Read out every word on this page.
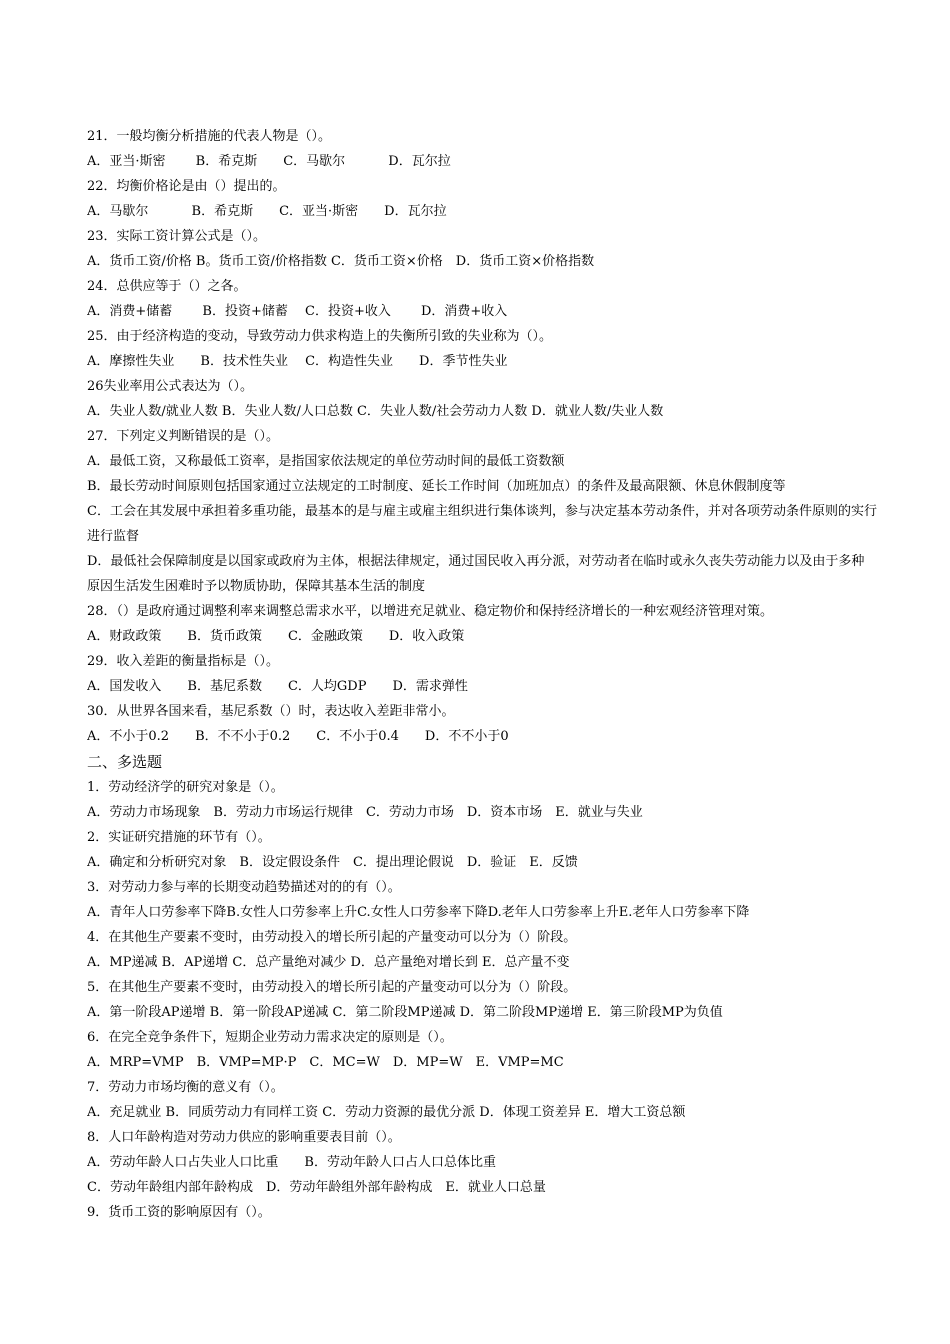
21．一般均衡分析措施的代表人物是（）。
A．亚当·斯密　　 B．希克斯　　C．马歇尔　　　 D．瓦尔拉
22．均衡价格论是由（）提出的。
A．马歇尔　　　 B．希克斯　　C．亚当·斯密　　D．瓦尔拉
23．实际工资计算公式是（）。
A．货币工资/价格 B。货币工资/价格指数 C．货币工资×价格　D．货币工资×价格指数
24．总供应等于（）之各。
A．消费+储蓄　　 B．投资+储蓄　 C．投资+收入　　 D．消费+收入
25．由于经济构造的变动，导致劳动力供求构造上的失衡所引致的失业称为（）。
A．摩擦性失业　　B．技术性失业　 C．构造性失业　　D．季节性失业
26失业率用公式表达为（）。
A．失业人数/就业人数 B．失业人数/人口总数 C．失业人数/社会劳动力人数 D．就业人数/失业人数
27．下列定义判断错误的是（）。
A．最低工资，又称最低工资率，是指国家依法规定的单位劳动时间的最低工资数额
B．最长劳动时间原则包括国家通过立法规定的工时制度、延长工作时间（加班加点）的条件及最高限额、休息休假制度等
C．工会在其发展中承担着多重功能，最基本的是与雇主或雇主组织进行集体谈判，参与决定基本劳动条件，并对各项劳动条件原则的实行进行监督
D．最低社会保障制度是以国家或政府为主体，根据法律规定，通过国民收入再分派，对劳动者在临时或永久丧失劳动能力以及由于多种原因生活发生困难时予以物质协助，保障其基本生活的制度
28．（）是政府通过调整利率来调整总需求水平，以增进充足就业、稳定物价和保持经济增长的一种宏观经济管理对策。
A．财政政策　　B．货币政策　　C．金融政策　　D．收入政策
29．收入差距的衡量指标是（）。
A．国发收入　　B．基尼系数　　C．人均GDP　　D．需求弹性
30．从世界各国来看，基尼系数（）时，表达收入差距非常小。
A．不小于0.2　　B．不不小于0.2　　C．不小于0.4　　D．不不小于0
二、多选题
1．劳动经济学的研究对象是（）。
A．劳动力市场现象　B．劳动力市场运行规律　C．劳动力市场　D．资本市场　E．就业与失业
2．实证研究措施的环节有（）。
A．确定和分析研究对象　B．设定假设条件　C．提出理论假说　D．验证　E．反馈
3．对劳动力参与率的长期变动趋势描述对的的有（）。
A．青年人口劳参率下降B.女性人口劳参率上升C.女性人口劳参率下降D.老年人口劳参率上升E.老年人口劳参率下降
4．在其他生产要素不变时，由劳动投入的增长所引起的产量变动可以分为（）阶段。
A．MP递减 B．AP递增 C．总产量绝对减少 D．总产量绝对增长到 E．总产量不变
5．在其他生产要素不变时，由劳动投入的增长所引起的产量变动可以分为（）阶段。
A．第一阶段AP递增 B．第一阶段AP递减 C．第二阶段MP递减 D．第二阶段MP递增 E．第三阶段MP为负值
6．在完全竞争条件下，短期企业劳动力需求决定的原则是（）。
A．MRP=VMP　B．VMP=MP·P　C．MC=W　D．MP=W　E．VMP=MC
7．劳动力市场均衡的意义有（）。
A．充足就业 B．同质劳动力有同样工资 C．劳动力资源的最优分派 D．体现工资差异 E．增大工资总额
8．人口年龄构造对劳动力供应的影响重要表目前（）。
A．劳动年龄人口占失业人口比重　　B．劳动年龄人口占人口总体比重
C．劳动年龄组内部年龄构成　D．劳动年龄组外部年龄构成　E．就业人口总量
9．货币工资的影响原因有（）。
